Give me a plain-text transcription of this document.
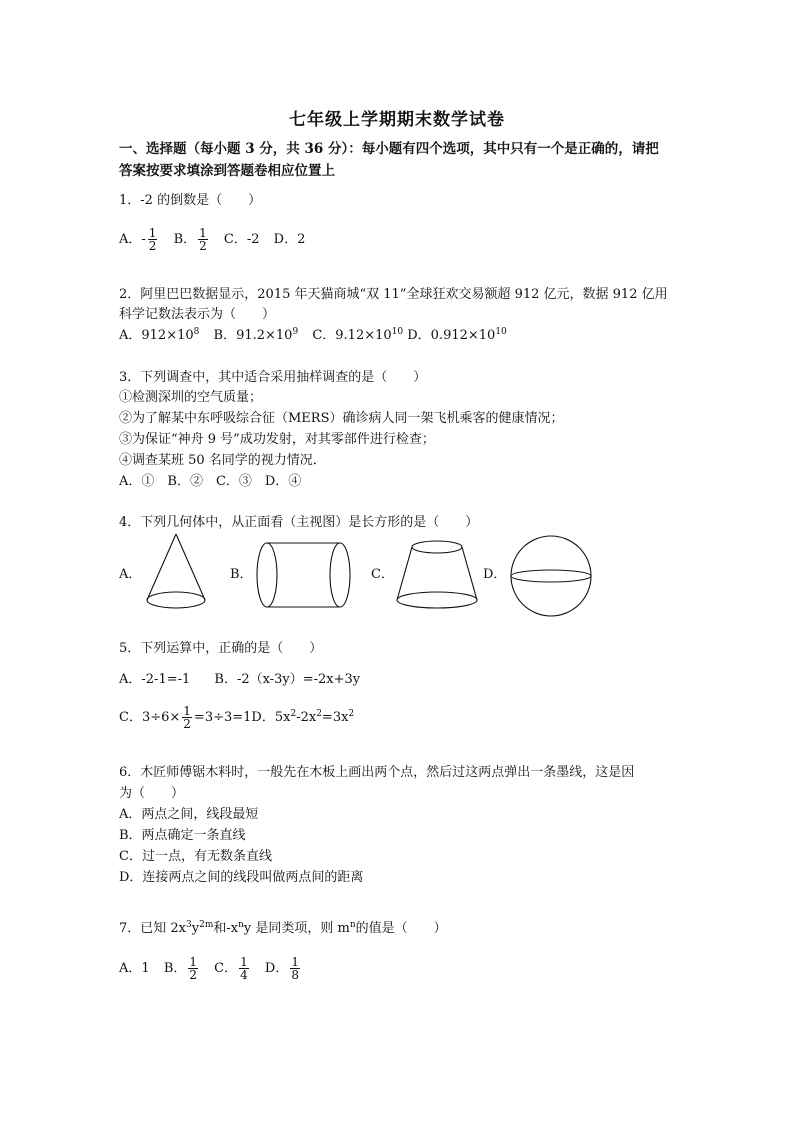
七年级上学期期末数学试卷
一、选择题（每小题 3 分，共 36 分）：每小题有四个选项，其中只有一个是正确的，请把
答案按要求填涂到答题卷相应位置上
1．-2 的倒数是（　　）
A．- $\frac{1}{2}$ B． $\frac{1}{2}$ C．-2 D．2
2．阿里巴巴数据显示，2015 年天猫商城“双 11”全球狂欢交易额超 912 亿元，数据 912 亿用
科学记数法表示为（　　）
A．$912\times 10^8$ B．$91.2\times 10^9$ C．$9.12\times 10^{10}$ D．$0.912\times 10^{10}$
3．下列调查中，其中适合采用抽样调查的是（　　）
①检测深圳的空气质量；
②为了解某中东呼吸综合征（MERS）确诊病人同一架飞机乘客的健康情况；
③为保证“神舟 9 号”成功发射，对其零部件进行检查；
④调查某班 50 名同学的视力情况．
A．①　B．②　C．③　D．④
4．下列几何体中，从正面看（主视图）是长方形的是（　　）
A．	B．	C．	D．
5．下列运算中，正确的是（　　）
A．-2-1=-1 B．-2（x-3y）=-2x+3y
C．$3\div 6\times \frac{1}{2} =3\div 3=1D$．$5x^2-2x^2=3x^2$
6．木匠师傅锯木料时，一般先在木板上画出两个点，然后过这两点弹出一条墨线，这是因
为（　　）
A．两点之间，线段最短
B．两点确定一条直线
C．过一点，有无数条直线
D．连接两点之间的线段叫做两点间的距离
7．已知 $2x^3y^{2m}$和$-x^ny$ 是同类项，则 $m^n$的值是（　　）
A．1 B． $\frac{1}{2}$ C． $\frac{1}{4}$ D． $\frac{1}{8}$
